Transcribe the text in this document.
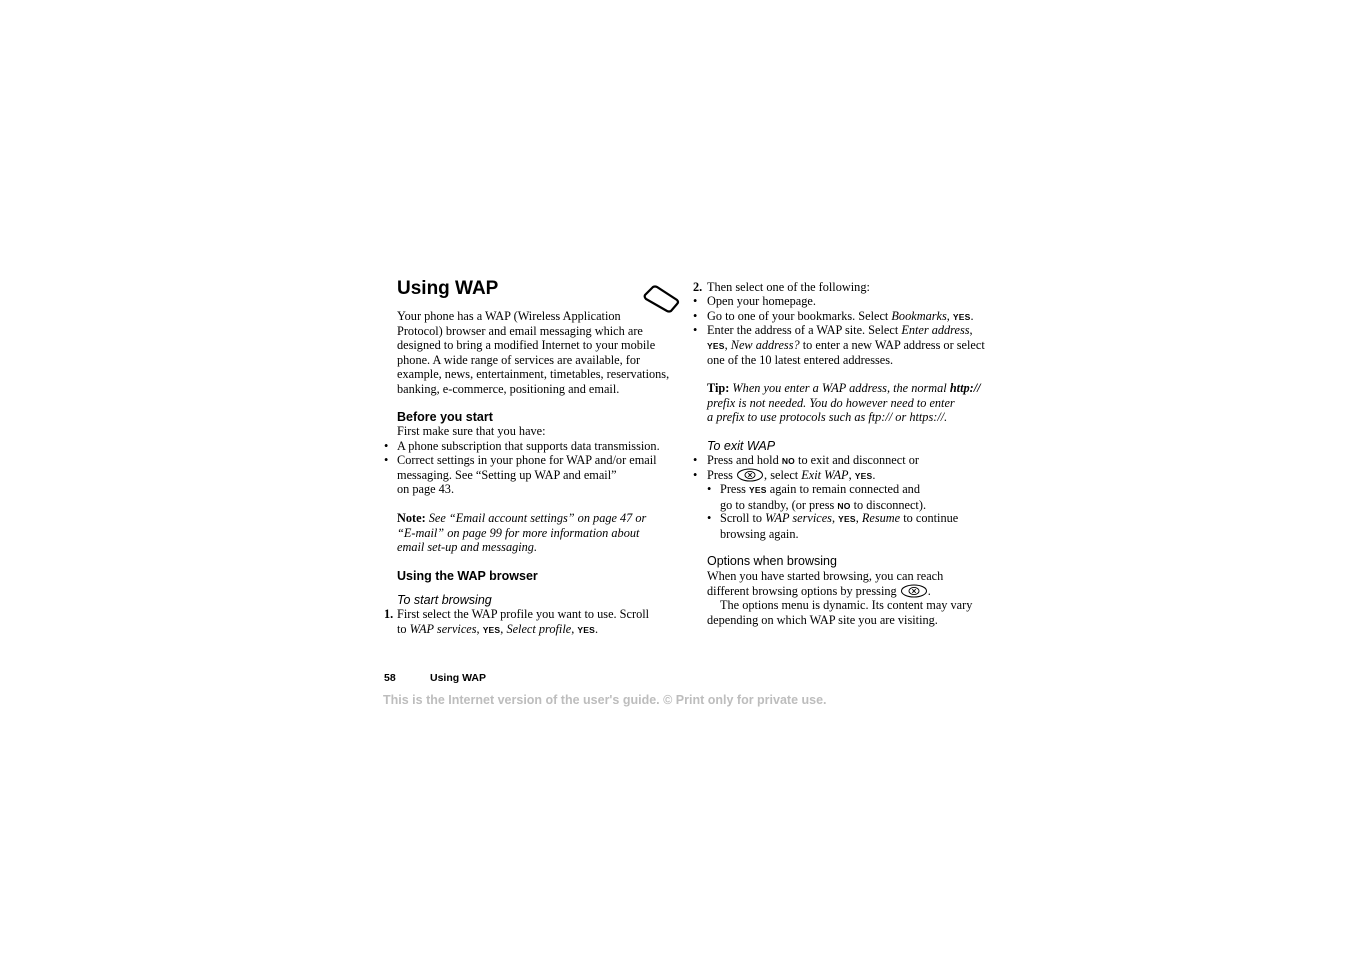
Using WAP
Your phone has a WAP (Wireless Application
Protocol) browser and email messaging which are
designed to bring a modified Internet to your mobile
phone. A wide range of services are available, for
example, news, entertainment, timetables, reservations,
banking, e-commerce, positioning and email.
Before you start
First make sure that you have:
• A phone subscription that supports data transmission.
• Correct settings in your phone for WAP and/or email
messaging. See “Setting up WAP and email”
on page 43.
Note: See “Email account settings” on page 47 or
“E-mail” on page 99 for more information about
email set-up and messaging.
Using the WAP browser
To start browsing
1. First select the WAP profile you want to use. Scroll
to WAP services, YES, Select profile, YES.
2. Then select one of the following:
• Open your homepage.
• Go to one of your bookmarks. Select Bookmarks, YES.
• Enter the address of a WAP site. Select Enter address,
YES, New address? to enter a new WAP address or select
one of the 10 latest entered addresses.
Tip: When you enter a WAP address, the normal http://
prefix is not needed. You do however need to enter
a prefix to use protocols such as ftp:// or https://.
To exit WAP
• Press and hold NO to exit and disconnect or
• Press	, select Exit WAP, YES.
• Press YES again to remain connected and
go to standby, (or press NO to disconnect).
• Scroll to WAP services, YES, Resume to continue
browsing again.
Options when browsing
When you have started browsing, you can reach
different browsing options by pressing	.
The options menu is dynamic. Its content may vary
depending on which WAP site you are visiting.
58	Using WAP
This is the Internet version of the user's guide. © Print only for private use.
